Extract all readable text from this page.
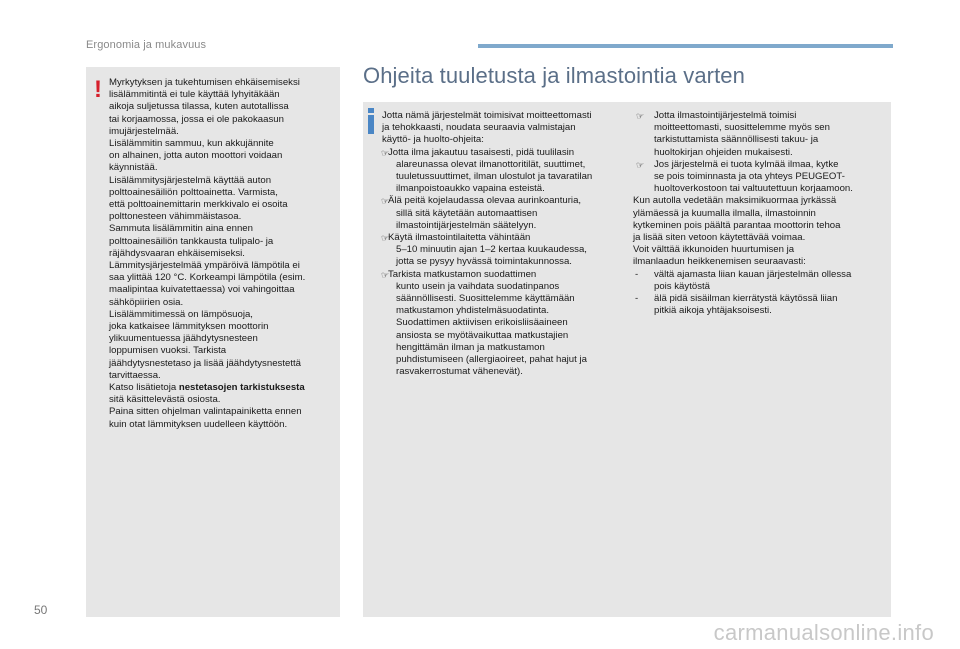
Ergonomia ja mukavuus
! Myrkytyksen ja tukehtumisen ehkäisemiseksi
lisälämmitintä ei tule käyttää lyhyitäkään
aikoja suljetussa tilassa, kuten autotallissa
tai korjaamossa, jossa ei ole pakokaasun
imujärjestelmää.
Lisälämmitin sammuu, kun akkujännite
on alhainen, jotta auton moottori voidaan
käynnistää.
Lisälämmitysjärjestelmä käyttää auton
polttoainesäiliön polttoainetta. Varmista,
että polttoainemittarin merkkivalo ei osoita
polttonesteen vähimmäistasoa.
Sammuta lisälämmitin aina ennen
polttoainesäiliön tankkausta tulipalo- ja
räjähdysvaaran ehkäisemiseksi.
Lämmitysjärjestelmää ympäröivä lämpötila ei
saa ylittää 120 °C. Korkeampi lämpötila (esim.
maalipintaa kuivatettaessa) voi vahingoittaa
sähköpiirien osia.
Lisälämmitimessä on lämpösuoja,
joka katkaisee lämmityksen moottorin
ylikuumentuessa jäähdytysnesteen
loppumisen vuoksi. Tarkista
jäähdytysnestetaso ja lisää jäähdytysnestettä
tarvittaessa.
Katso lisätietoja nestetasojen tarkistuksesta
sitä käsittelevästä osiosta.
Paina sitten ohjelman valintapainiketta ennen
kuin otat lämmityksen uudelleen käyttöön.
Ohjeita tuuletusta ja ilmastointia varten
Jotta nämä järjestelmät toimisivat moitteettomasti
ja tehokkaasti, noudata seuraavia valmistajan
käyttö- ja huolto-ohjeita:
☞
Jotta ilma jakautuu tasaisesti, pidä tuulilasin
alareunassa olevat ilmanottoritilät, suuttimet,
tuuletussuuttimet, ilman ulostulot ja tavaratilan
ilmanpoistoaukko vapaina esteistä.
☞
Älä peitä kojelaudassa olevaa aurinkoanturia,
sillä sitä käytetään automaattisen
ilmastointijärjestelmän säätelyyn.
☞
Käytä ilmastointilaitetta vähintään
5–10 minuutin ajan 1–2 kertaa kuukaudessa,
jotta se pysyy hyvässä toimintakunnossa.
☞
Tarkista matkustamon suodattimen
kunto usein ja vaihdata suodatinpanos
säännöllisesti. Suosittelemme käyttämään
matkustamon yhdistelmäsuodatinta.
Suodattimen aktiivisen erikoisliisäaineen
ansiosta se myötävaikuttaa matkustajien
hengittämän ilman ja matkustamon
puhdistumiseen (allergiaoireet, pahat hajut ja
rasvakerrostumat vähenevät).
☞ Jotta ilmastointijärjestelmä toimisi
moitteettomasti, suosittelemme myös sen
tarkistuttamista säännöllisesti takuu- ja
huoltokirjan ohjeiden mukaisesti.
☞ Jos järjestelmä ei tuota kylmää ilmaa, kytke
se pois toiminnasta ja ota yhteys PEUGEOT-
huoltoverkostoon tai valtuutettuun korjaamoon.
Kun autolla vedetään maksimikuormaa jyrkässä
ylämäessä ja kuumalla ilmalla, ilmastoinnin
kytkeminen pois päältä parantaa moottorin tehoa
ja lisää siten vetoon käytettävää voimaa.
Voit välttää ikkunoiden huurtumisen ja
ilmanlaadun heikkenemisen seuraavasti:
- vältä ajamasta liian kauan järjestelmän ollessa
pois käytöstä
- älä pidä sisäilman kierrätystä käytössä liian
pitkiä aikoja yhtäjaksoisesti.
50
carmanualsonline.info
